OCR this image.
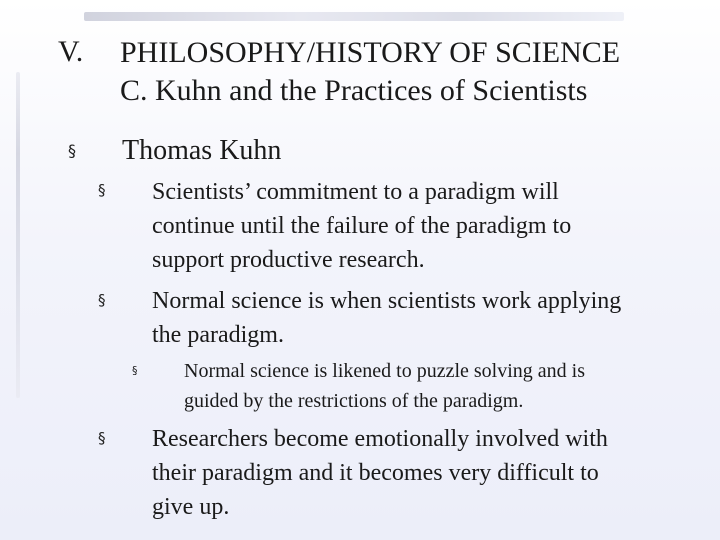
V. PHILOSOPHY/HISTORY OF SCIENCE
C. Kuhn and the Practices of Scientists
§ Thomas Kuhn
§ Scientists’ commitment to a paradigm will
continue until the failure of the paradigm to
support productive research.
§ Normal science is when scientists work applying
the paradigm.
§ Normal science is likened to puzzle solving and is
guided by the restrictions of the paradigm.
§ Researchers become emotionally involved with
their paradigm and it becomes very difficult to
give up.
